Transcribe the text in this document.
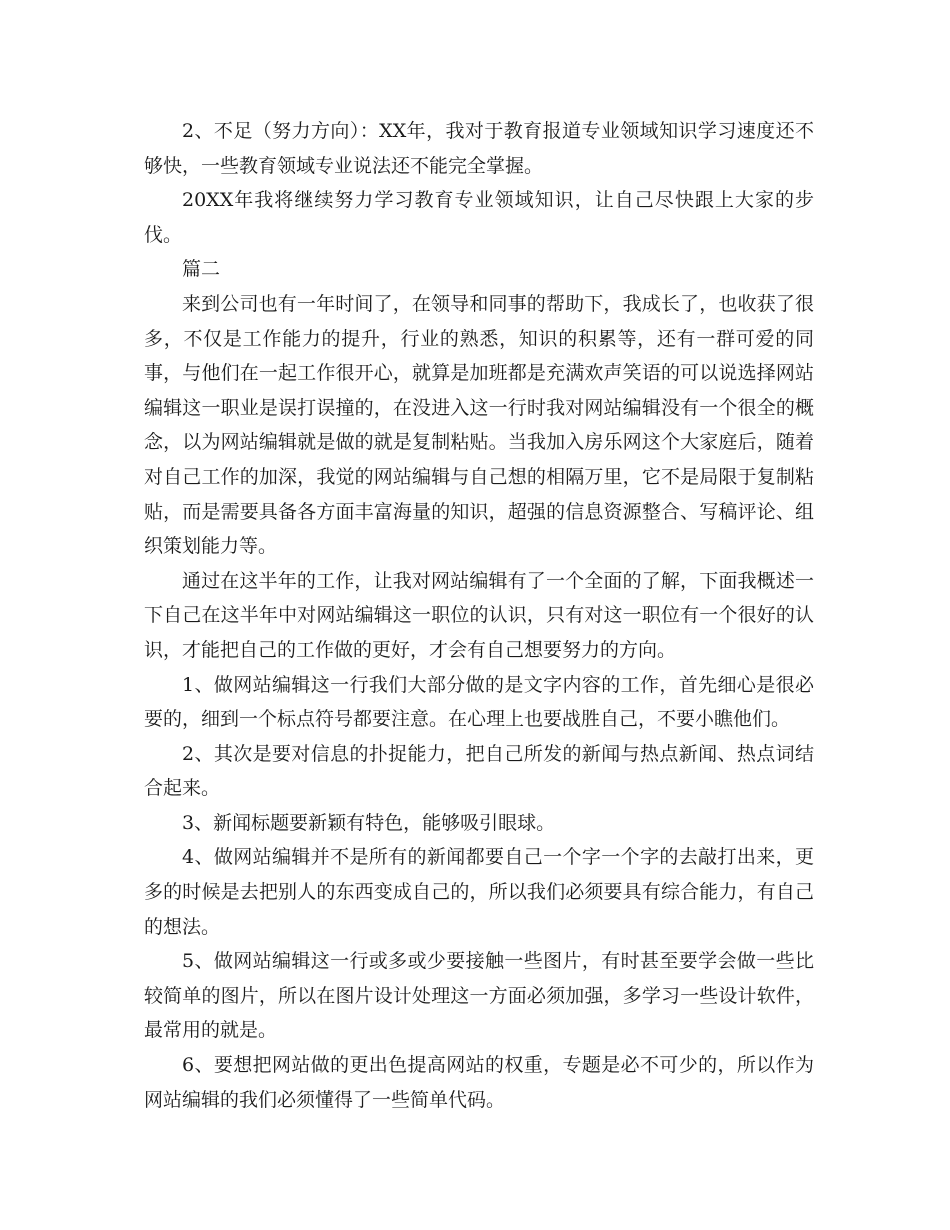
2、不足（努力方向）：XX年，我对于教育报道专业领域知识学习速度还不够快，一些教育领域专业说法还不能完全掌握。

20XX年我将继续努力学习教育专业领域知识，让自己尽快跟上大家的步伐。

篇二

来到公司也有一年时间了，在领导和同事的帮助下，我成长了，也收获了很多，不仅是工作能力的提升，行业的熟悉，知识的积累等，还有一群可爱的同事，与他们在一起工作很开心，就算是加班都是充满欢声笑语的可以说选择网站编辑这一职业是误打误撞的，在没进入这一行时我对网站编辑没有一个很全的概念，以为网站编辑就是做的就是复制粘贴。当我加入房乐网这个大家庭后，随着对自己工作的加深，我觉的网站编辑与自己想的相隔万里，它不是局限于复制粘贴，而是需要具备各方面丰富海量的知识，超强的信息资源整合、写稿评论、组织策划能力等。

通过在这半年的工作，让我对网站编辑有了一个全面的了解，下面我概述一下自己在这半年中对网站编辑这一职位的认识，只有对这一职位有一个很好的认识，才能把自己的工作做的更好，才会有自己想要努力的方向。

1、做网站编辑这一行我们大部分做的是文字内容的工作，首先细心是很必要的，细到一个标点符号都要注意。在心理上也要战胜自己，不要小瞧他们。

2、其次是要对信息的扑捉能力，把自己所发的新闻与热点新闻、热点词结合起来。

3、新闻标题要新颖有特色，能够吸引眼球。

4、做网站编辑并不是所有的新闻都要自己一个字一个字的去敲打出来，更多的时候是去把别人的东西变成自己的，所以我们必须要具有综合能力，有自己的想法。

5、做网站编辑这一行或多或少要接触一些图片，有时甚至要学会做一些比较简单的图片，所以在图片设计处理这一方面必须加强，多学习一些设计软件，最常用的就是。

6、要想把网站做的更出色提高网站的权重，专题是必不可少的，所以作为网站编辑的我们必须懂得了一些简单代码。
